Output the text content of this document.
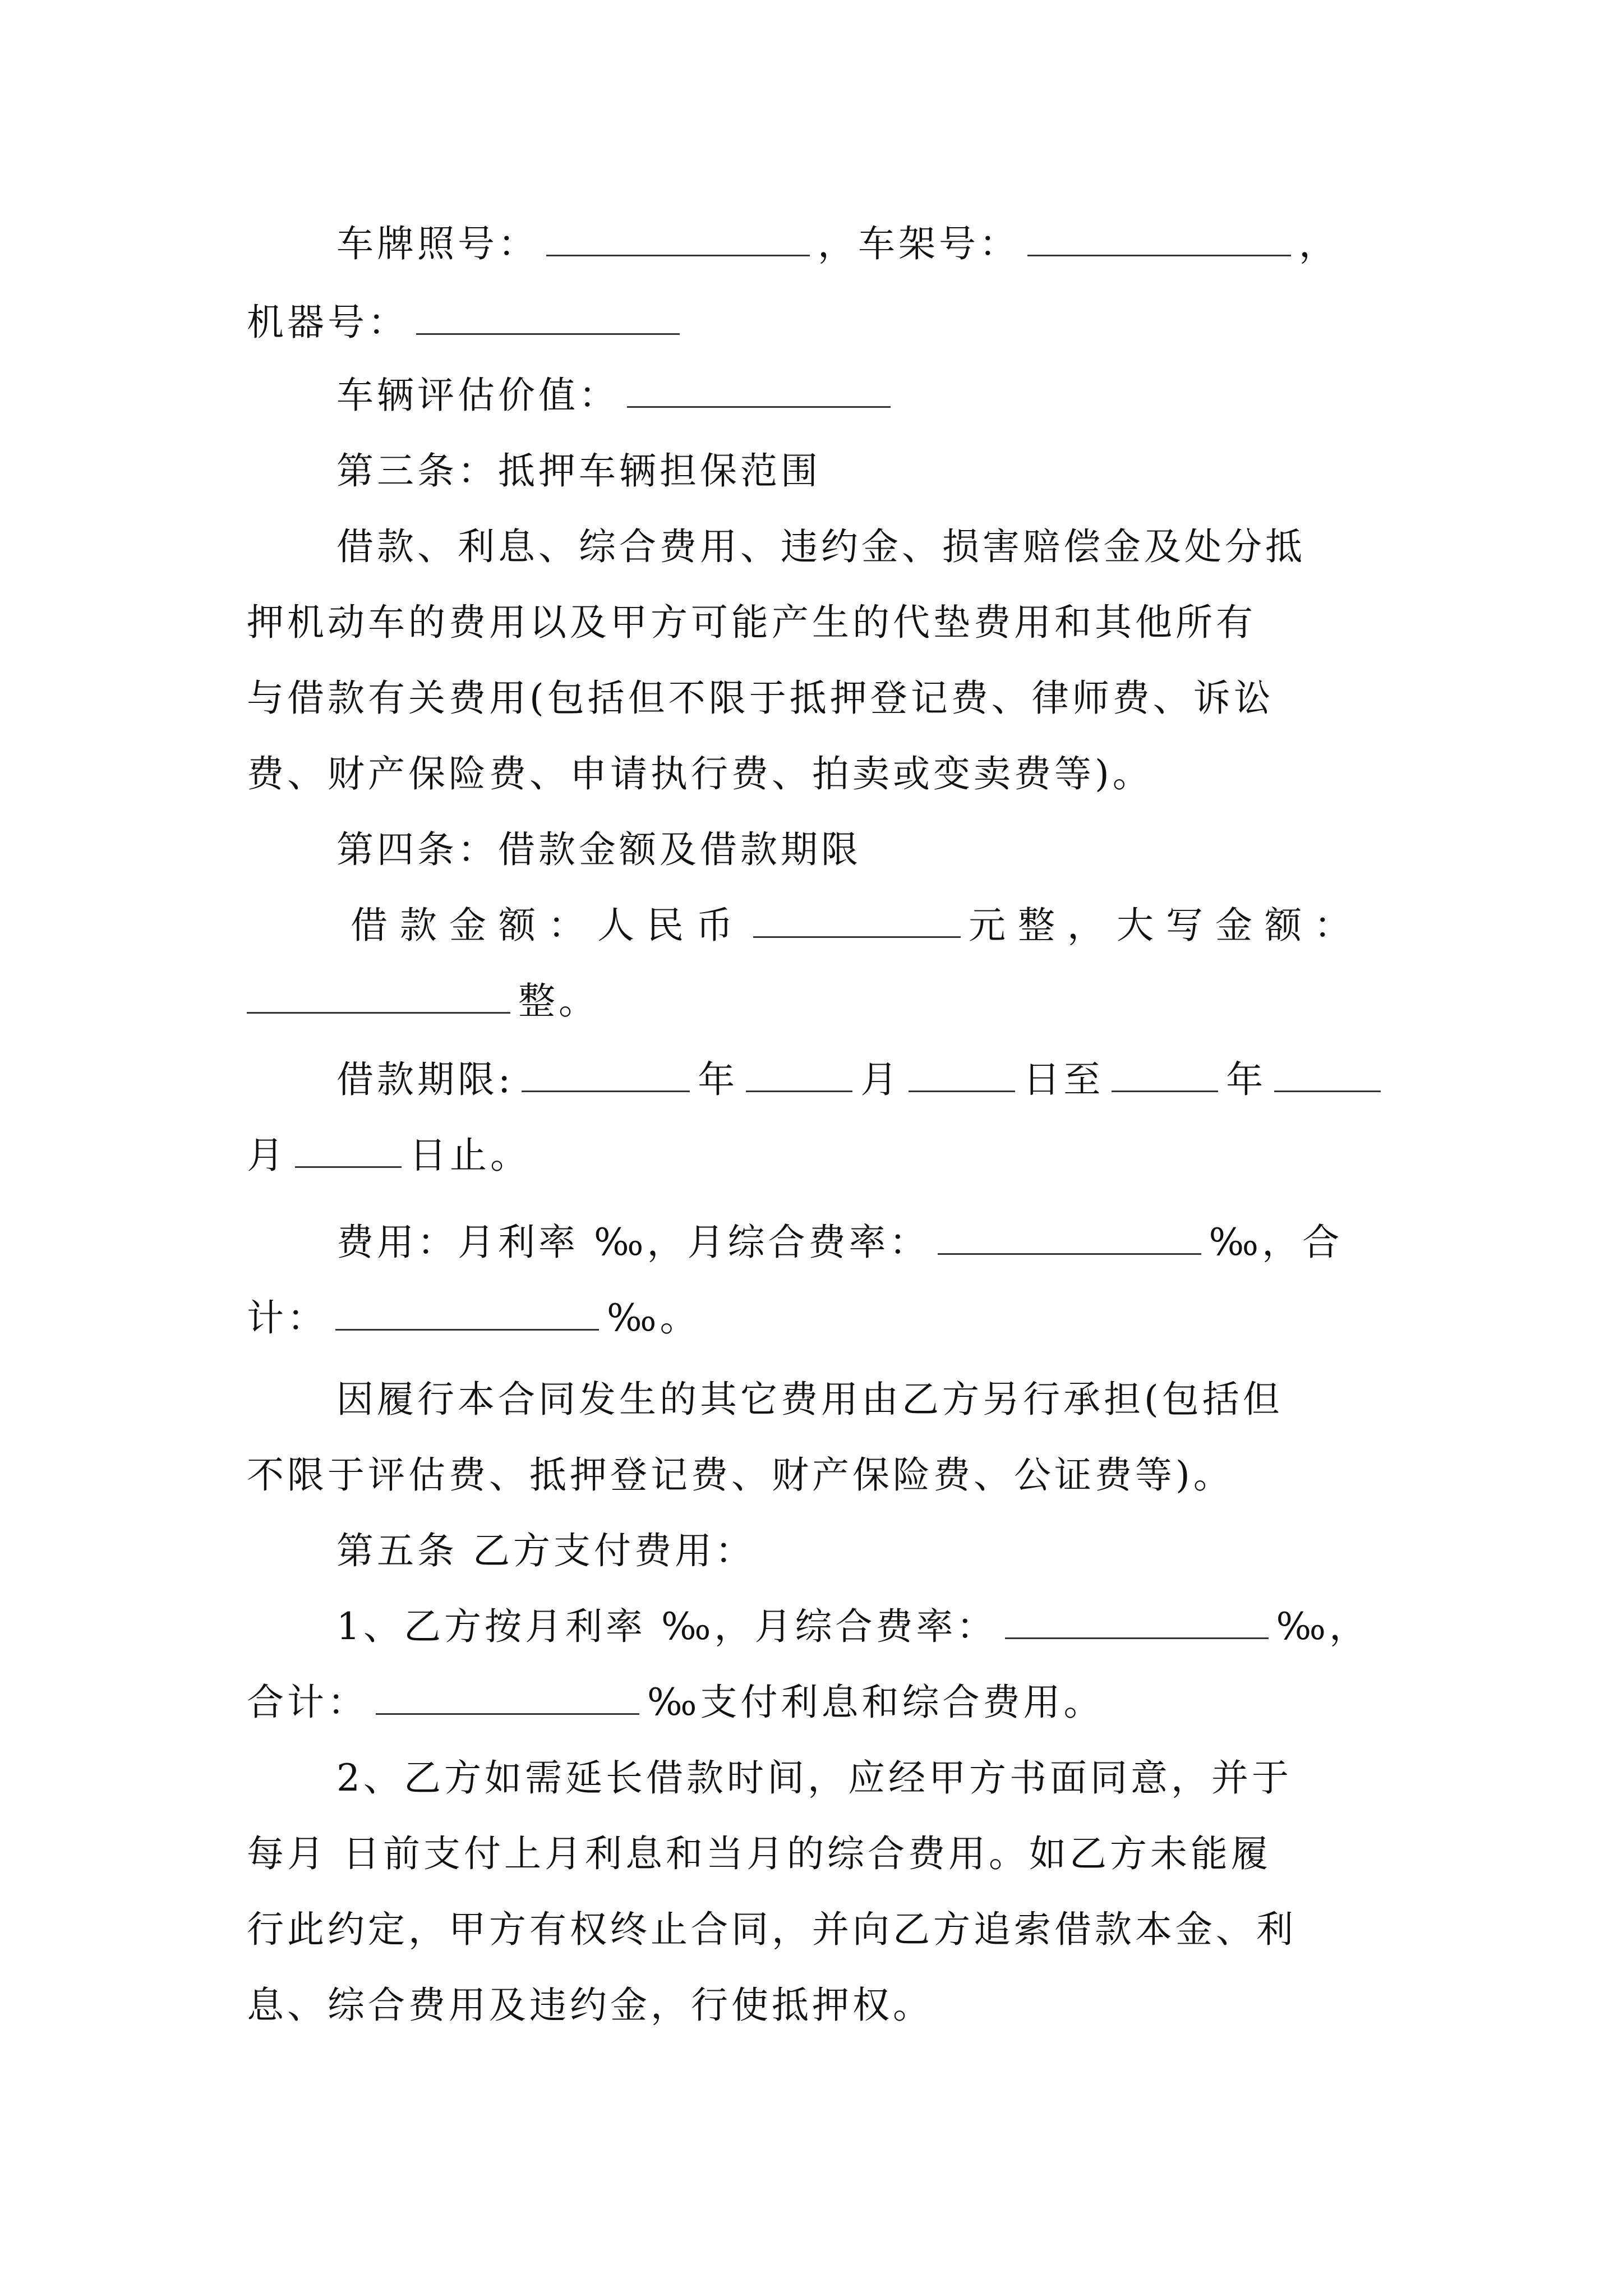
车牌照号：	，车架号：	，
机器号：
车辆评估价值：
第三条：抵押车辆担保范围
借款、利息、综合费用、违约金、损害赔偿金及处分抵
押机动车的费用以及甲方可能产生的代垫费用和其他所有
与借款有关费用(包括但不限于抵押登记费、律师费、诉讼
费、财产保险费、申请执行费、拍卖或变卖费等)。
第四条：借款金额及借款期限
借款金额：人民币	元整，大写金额：
整。
借款期限:	年	月	日至	年
月	日止。
费用：月利率 ‰，月综合费率：	‰，合
计：	‰。
因履行本合同发生的其它费用由乙方另行承担(包括但
不限于评估费、抵押登记费、财产保险费、公证费等)。
第五条 乙方支付费用：
1、乙方按月利率 ‰，月综合费率：	‰，
合计：	‰支付利息和综合费用。
2、乙方如需延长借款时间，应经甲方书面同意，并于
每月 日前支付上月利息和当月的综合费用。如乙方未能履
行此约定，甲方有权终止合同，并向乙方追索借款本金、利
息、综合费用及违约金，行使抵押权。
